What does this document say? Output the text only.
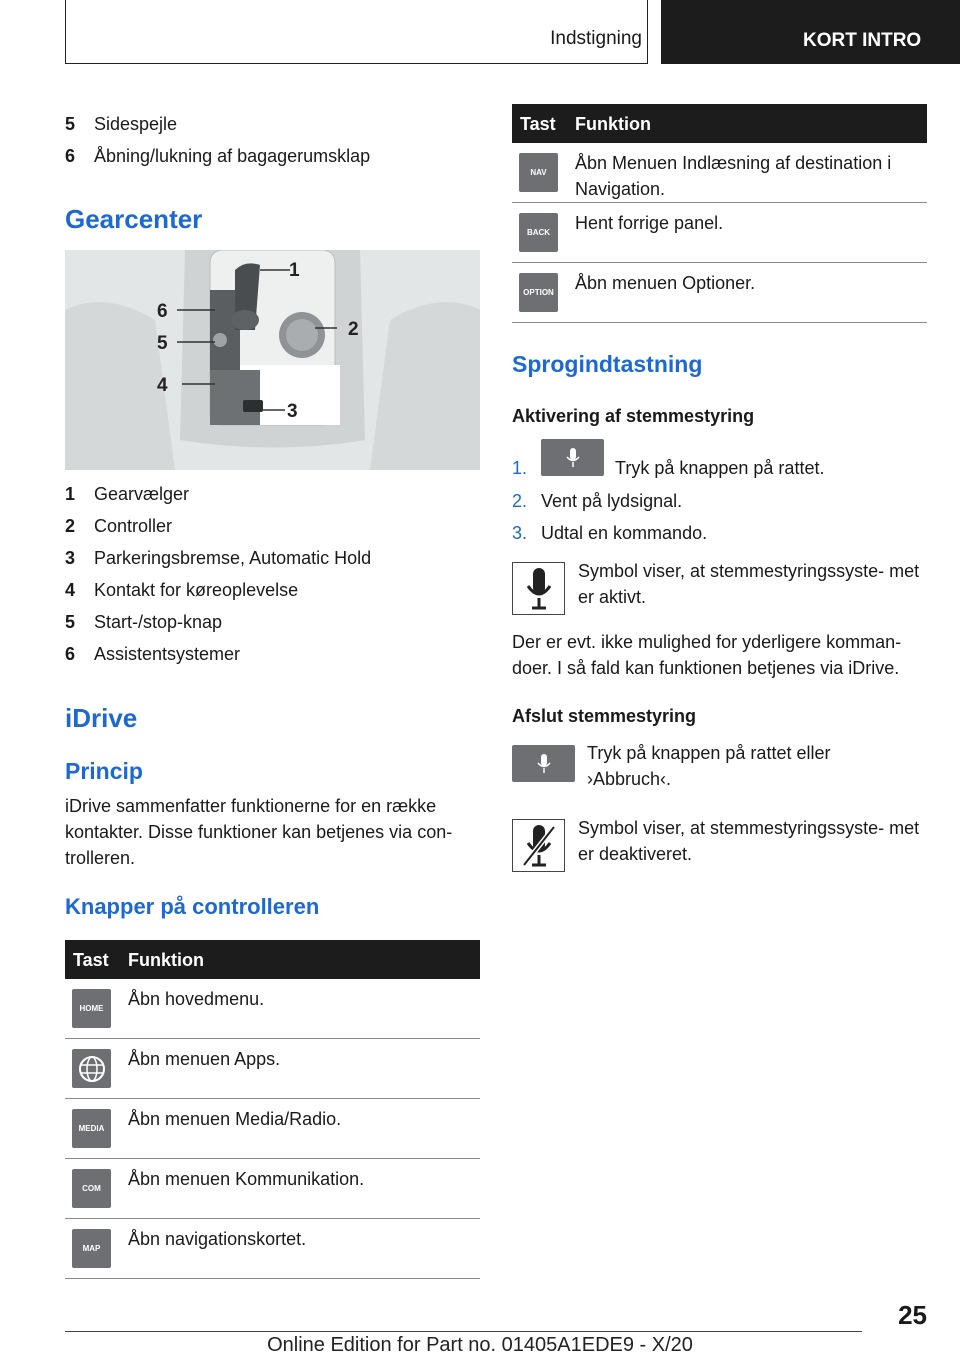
Indstigning	KORT INTRO
5 Sidespejle
6 Åbning/lukning af bagagerumsklap
Gearcenter
1
2
3
4
5
6
1 Gearvælger
2 Controller
3 Parkeringsbremse, Automatic Hold
4 Kontakt for køreoplevelse
5 Start-/stop-knap
6 Assistentsystemer
iDrive
Princip
iDrive sammenfatter funktionerne for en række kontakter. Disse funktioner kan betjenes via con- trolleren.
Knapper på controlleren
Tast Funktion
HOME	Åbn hovedmenu.
Åbn menuen Apps.
MEDIA	Åbn menuen Media/Radio.
COM	Åbn menuen Kommunikation.
MAP	Åbn navigationskortet.
Tast Funktion
NAV	Åbn Menuen Indlæsning af destination i Navigation.
BACK	Hent forrige panel.
OPTION Åbn menuen Optioner.
Sprogindtastning
Aktivering af stemmestyring
1.	Tryk på knappen på rattet.
2. Vent på lydsignal.
3. Udtal en kommando.
Symbol viser, at stemmestyringssyste- met er aktivt.
Der er evt. ikke mulighed for yderligere komman- doer. I så fald kan funktionen betjenes via iDrive.
Afslut stemmestyring
Tryk på knappen på rattet eller ›Abbruch‹.
Symbol viser, at stemmestyringssyste- met er deaktiveret.
25
Online Edition for Part no. 01405A1EDE9 - X/20
